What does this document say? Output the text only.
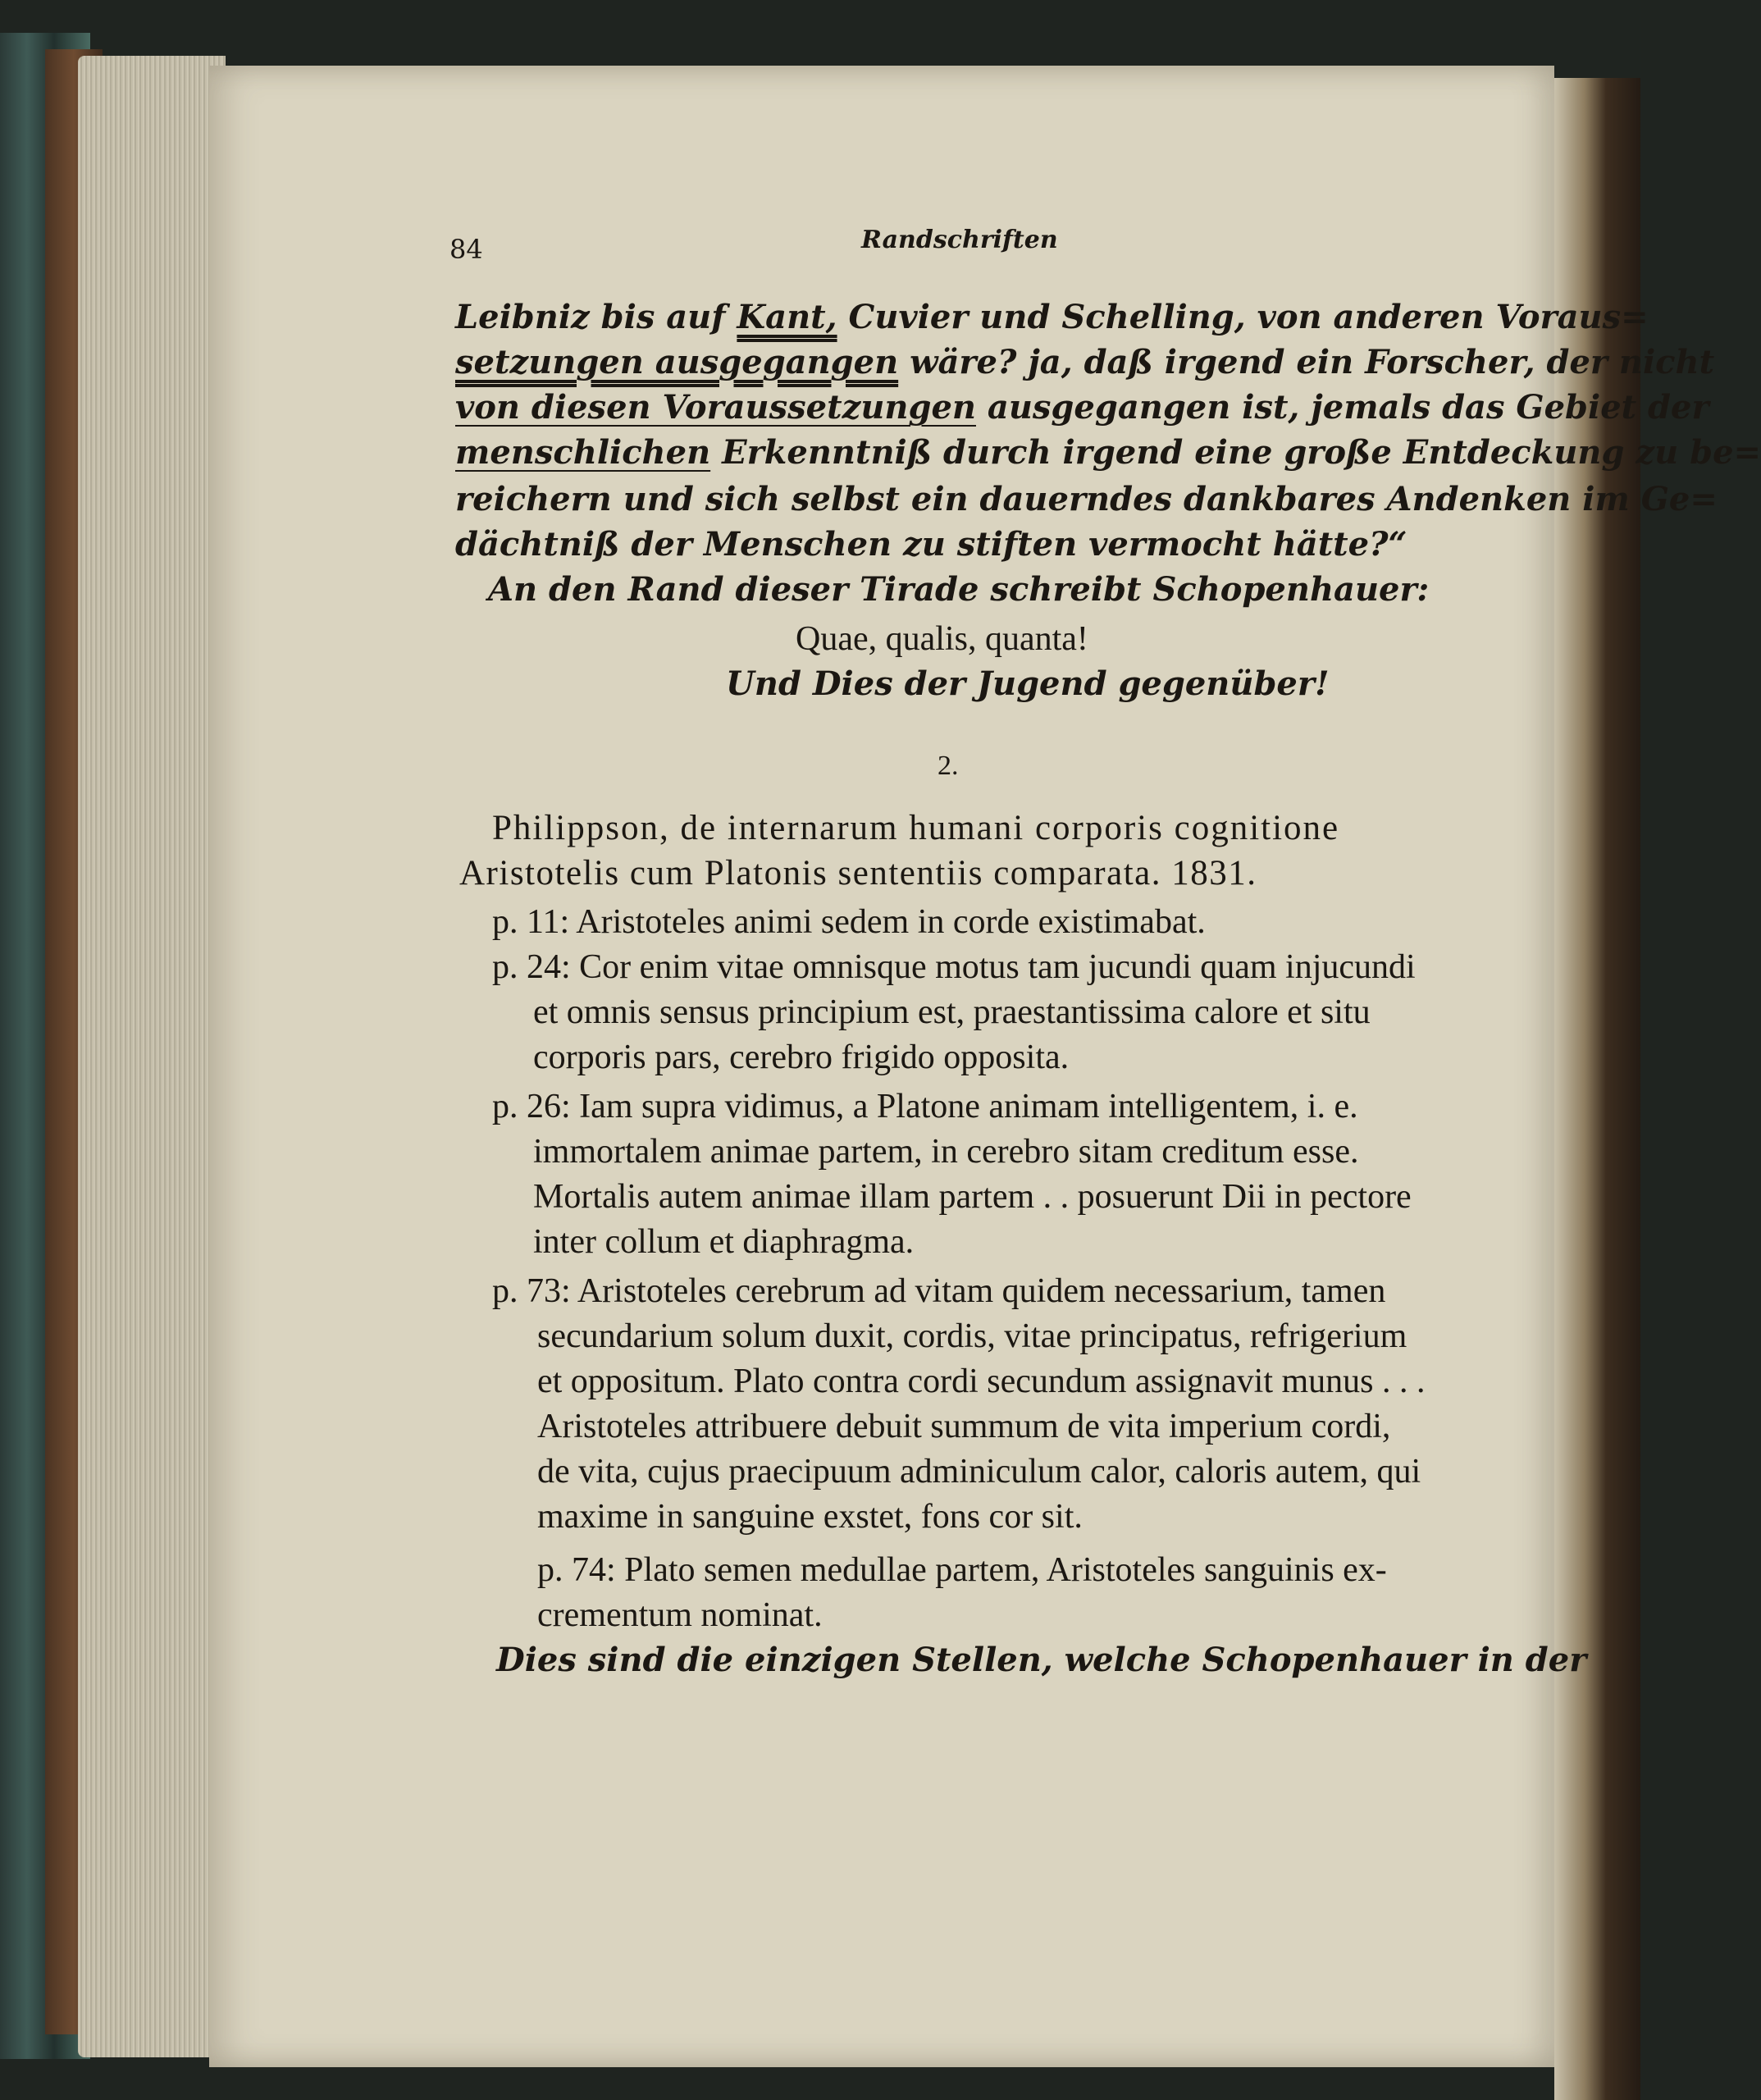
84	Randschriften
Leibniz bis auf Kant, Cuvier und Schelling, von anderen Voraus=
setzungen ausgegangen wäre? ja, daß irgend ein Forscher, der nicht
von diesen Voraussetzungen ausgegangen ist, jemals das Gebiet der
menschlichen Erkenntniß durch irgend eine große Entdeckung zu be=
reichern und sich selbst ein dauerndes dankbares Andenken im Ge=
dächtniß der Menschen zu stiften vermocht hätte?“
An den Rand dieser Tirade schreibt Schopenhauer:
Quae, qualis, quanta!
Und Dies der Jugend gegenüber!
2.
Philippson, de internarum humani corporis cognitione
Aristotelis cum Platonis sententiis comparata. 1831.
p. 11: Aristoteles animi sedem in corde existimabat.
p. 24: Cor enim vitae omnisque motus tam jucundi quam injucundi
et omnis sensus principium est, praestantissima calore et situ
corporis pars, cerebro frigido opposita.
p. 26: Iam supra vidimus, a Platone animam intelligentem, i. e.
immortalem animae partem, in cerebro sitam creditum esse.
Mortalis autem animae illam partem . . posuerunt Dii in pectore
inter collum et diaphragma.
p. 73: Aristoteles cerebrum ad vitam quidem necessarium, tamen
secundarium solum duxit, cordis, vitae principatus, refrigerium
et oppositum. Plato contra cordi secundum assignavit munus . . .
Aristoteles attribuere debuit summum de vita imperium cordi,
de vita, cujus praecipuum adminiculum calor, caloris autem, qui
maxime in sanguine exstet, fons cor sit.
p. 74: Plato semen medullae partem, Aristoteles sanguinis ex-
crementum nominat.
Dies sind die einzigen Stellen, welche Schopenhauer in der
